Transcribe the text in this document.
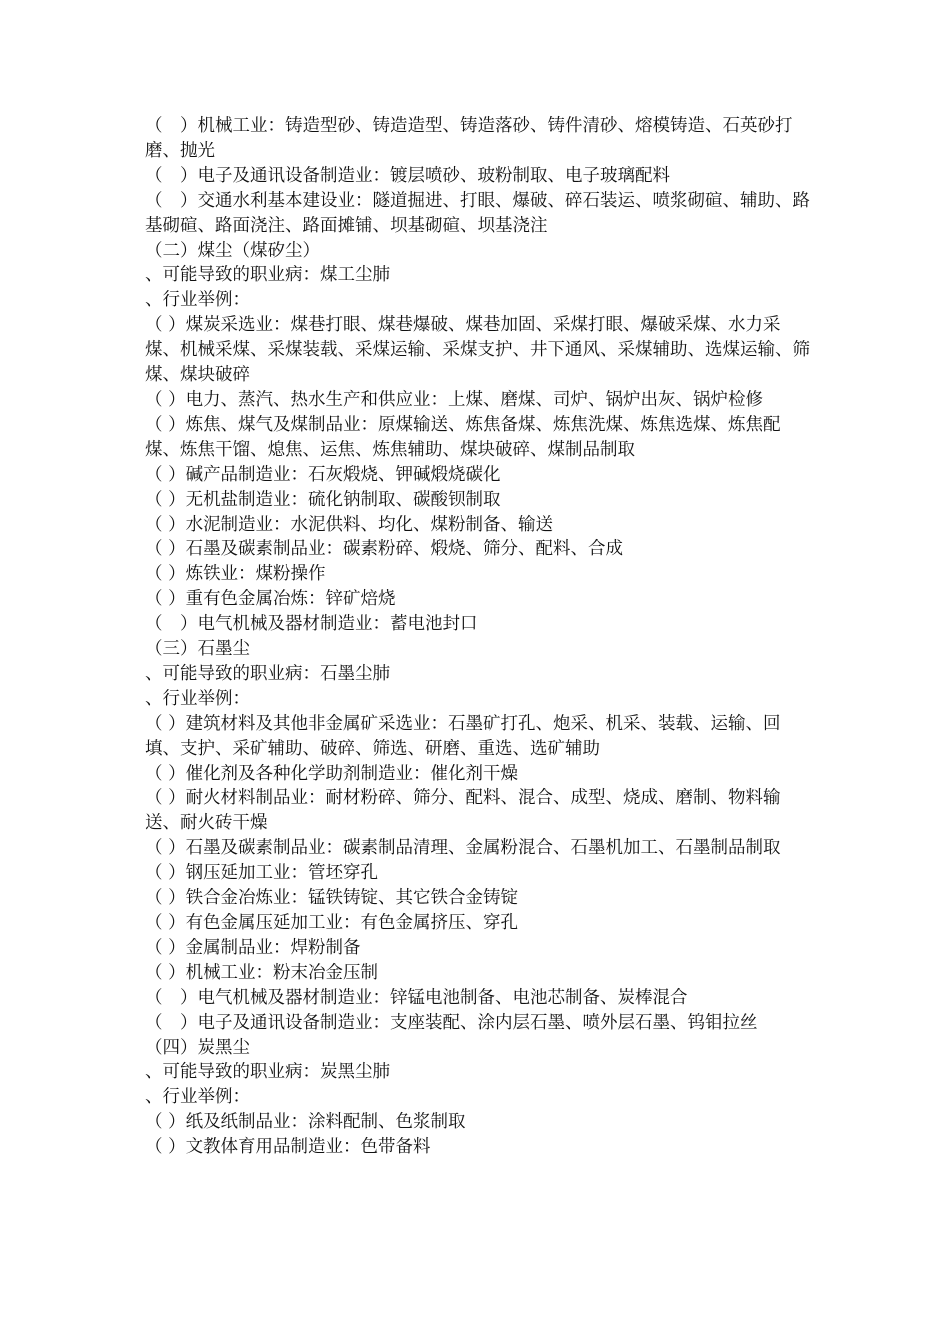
（　）机械工业：铸造型砂、铸造造型、铸造落砂、铸件清砂、熔模铸造、石英砂打磨、抛光

（　）电子及通讯设备制造业：镀层喷砂、玻粉制取、电子玻璃配料

（　）交通水利基本建设业：隧道掘进、打眼、爆破、碎石装运、喷浆砌碹、辅助、路基砌碹、路面浇注、路面摊铺、坝基砌碹、坝基浇注

（二）煤尘（煤矽尘）

、可能导致的职业病：煤工尘肺

、行业举例：

（ ）煤炭采选业：煤巷打眼、煤巷爆破、煤巷加固、采煤打眼、爆破采煤、水力采煤、机械采煤、采煤装载、采煤运输、采煤支护、井下通风、采煤辅助、选煤运输、筛煤、煤块破碎

（ ）电力、蒸汽、热水生产和供应业：上煤、磨煤、司炉、锅炉出灰、锅炉检修

（ ）炼焦、煤气及煤制品业：原煤输送、炼焦备煤、炼焦洗煤、炼焦选煤、炼焦配煤、炼焦干馏、熄焦、运焦、炼焦辅助、煤块破碎、煤制品制取

（ ）碱产品制造业：石灰煅烧、钾碱煅烧碳化

（ ）无机盐制造业：硫化钠制取、碳酸钡制取

（ ）水泥制造业：水泥供料、均化、煤粉制备、输送

（ ）石墨及碳素制品业：碳素粉碎、煅烧、筛分、配料、合成

（ ）炼铁业：煤粉操作

（ ）重有色金属冶炼：锌矿焙烧

（　）电气机械及器材制造业：蓄电池封口

（三）石墨尘

、可能导致的职业病：石墨尘肺

、行业举例：

（ ）建筑材料及其他非金属矿采选业：石墨矿打孔、炮采、机采、装载、运输、回填、支护、采矿辅助、破碎、筛选、研磨、重选、选矿辅助

（ ）催化剂及各种化学助剂制造业：催化剂干燥

（ ）耐火材料制品业：耐材粉碎、筛分、配料、混合、成型、烧成、磨制、物料输送、耐火砖干燥

（ ）石墨及碳素制品业：碳素制品清理、金属粉混合、石墨机加工、石墨制品制取

（ ）钢压延加工业：管坯穿孔

（ ）铁合金冶炼业：锰铁铸锭、其它铁合金铸锭

（ ）有色金属压延加工业：有色金属挤压、穿孔

（ ）金属制品业：焊粉制备

（ ）机械工业：粉末冶金压制

（　）电气机械及器材制造业：锌锰电池制备、电池芯制备、炭棒混合

（　）电子及通讯设备制造业：支座装配、涂内层石墨、喷外层石墨、钨钼拉丝

（四）炭黑尘

、可能导致的职业病：炭黑尘肺

、行业举例：

（ ）纸及纸制品业：涂料配制、色浆制取

（ ）文教体育用品制造业：色带备料
